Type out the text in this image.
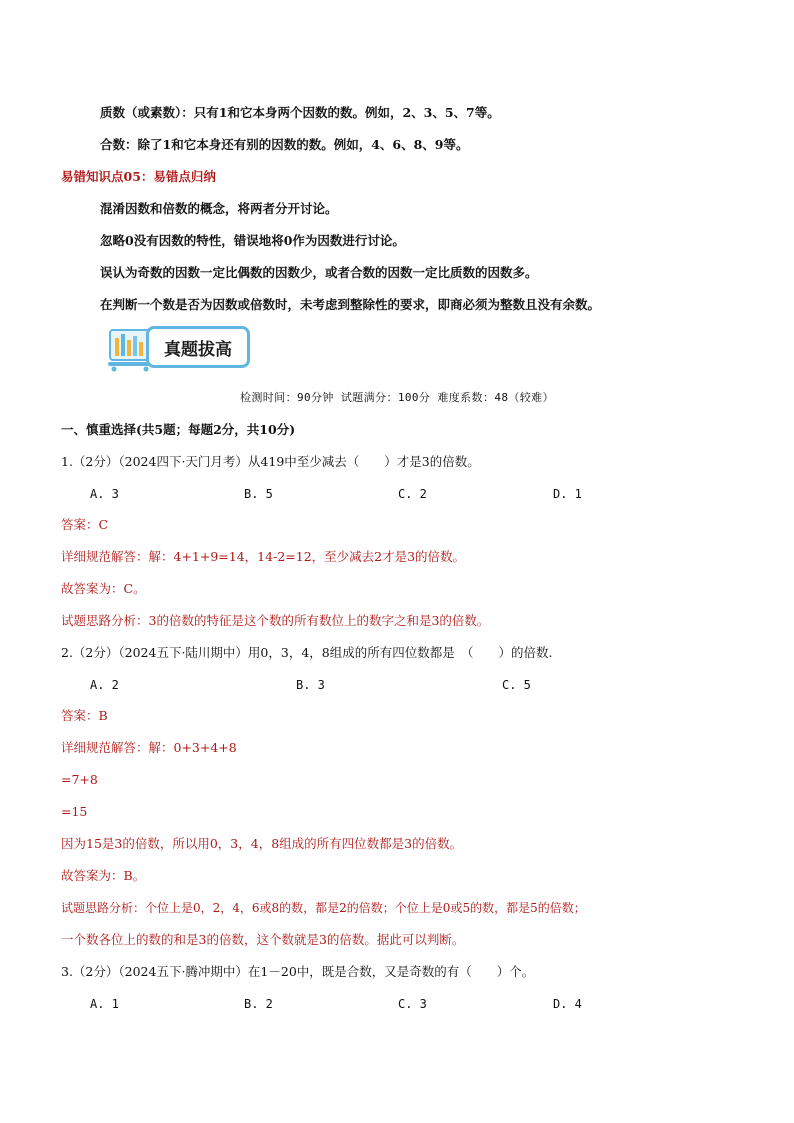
质数（或素数）：只有1和它本身两个因数的数。例如，2、3、5、7等。
合数：除了1和它本身还有别的因数的数。例如，4、6、8、9等。
易错知识点05：易错点归纳
混淆因数和倍数的概念，将两者分开讨论。
忽略0没有因数的特性，错误地将0作为因数进行讨论。
误认为奇数的因数一定比偶数的因数少，或者合数的因数一定比质数的因数多。
在判断一个数是否为因数或倍数时，未考虑到整除性的要求，即商必须为整数且没有余数。
真题拔高
检测时间：90分钟 试题满分：100分 难度系数：48（较难）
一、慎重选择(共5题；每题2分，共10分)
1.（2分）（2024四下·天门月考）从419中至少减去（　　）才是3的倍数。
A. 3	B. 5	C. 2	D. 1
答案：C
详细规范解答：解：4+1+9=14，14-2=12，至少减去2才是3的倍数。
故答案为：C。
试题思路分析：3的倍数的特征是这个数的所有数位上的数字之和是3的倍数。
2.（2分）（2024五下·陆川期中）用0，3，4，8组成的所有四位数都是　（　　）的倍数.
A. 2	B. 3	C. 5
答案：B
详细规范解答：解：0+3+4+8
=7+8
=15
因为15是3的倍数，所以用0，3，4，8组成的所有四位数都是3的倍数。
故答案为：B。
试题思路分析：个位上是0，2，4，6或8的数，都是2的倍数；个位上是0或5的数，都是5的倍数；
一个数各位上的数的和是3的倍数，这个数就是3的倍数。据此可以判断。
3.（2分）（2024五下·腾冲期中）在1－20中，既是合数，又是奇数的有（　　）个。
A. 1	B. 2	C. 3	D. 4
